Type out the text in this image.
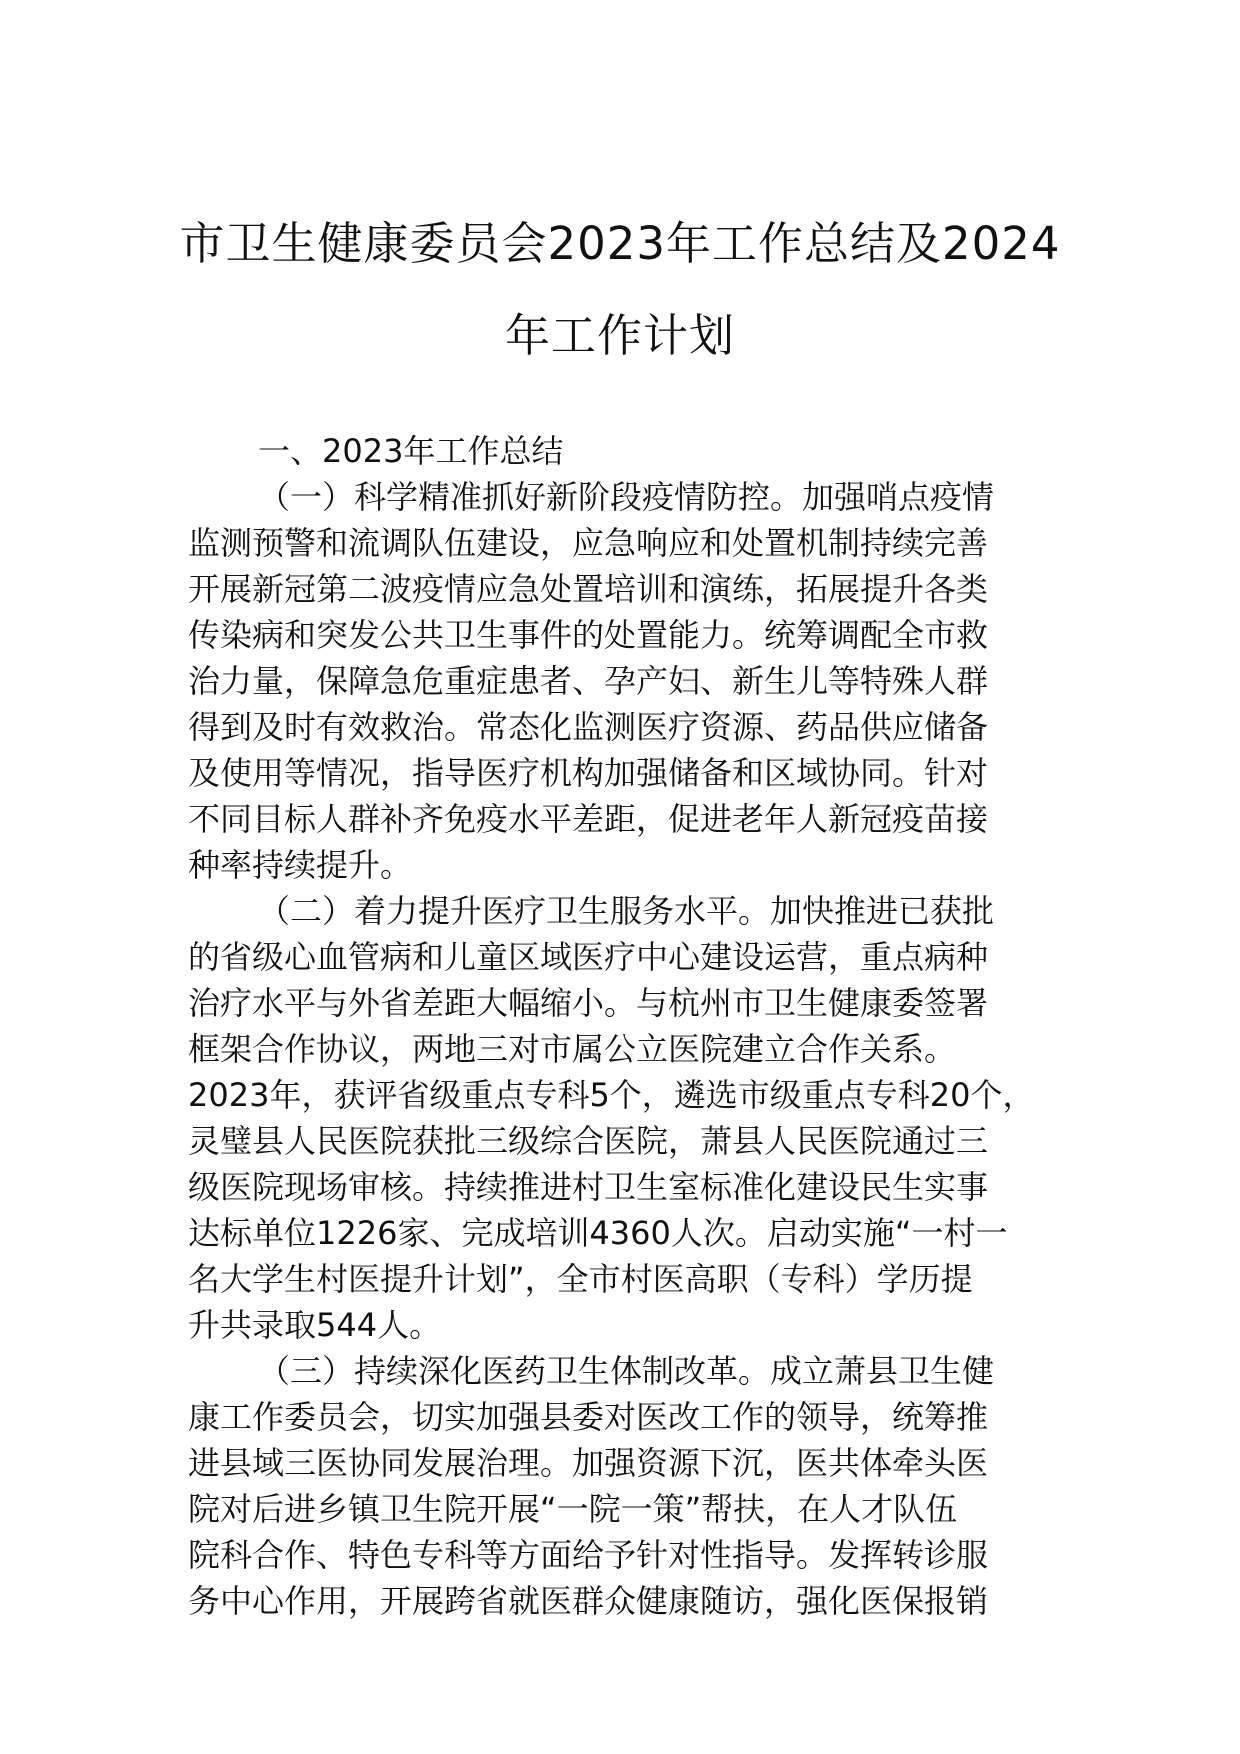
市卫生健康委员会2023年工作总结及2024
年工作计划
一、2023年工作总结
（一）科学精准抓好新阶段疫情防控。加强哨点疫情
监测预警和流调队伍建设，应急响应和处置机制持续完善
开展新冠第二波疫情应急处置培训和演练，拓展提升各类
传染病和突发公共卫生事件的处置能力。统筹调配全市救
治力量，保障急危重症患者、孕产妇、新生儿等特殊人群
得到及时有效救治。常态化监测医疗资源、药品供应储备
及使用等情况，指导医疗机构加强储备和区域协同。针对
不同目标人群补齐免疫水平差距，促进老年人新冠疫苗接
种率持续提升。
（二）着力提升医疗卫生服务水平。加快推进已获批
的省级心血管病和儿童区域医疗中心建设运营，重点病种
治疗水平与外省差距大幅缩小。与杭州市卫生健康委签署
框架合作协议，两地三对市属公立医院建立合作关系。
2023年，获评省级重点专科5个，遴选市级重点专科20个，
灵璧县人民医院获批三级综合医院，萧县人民医院通过三
级医院现场审核。持续推进村卫生室标准化建设民生实事
达标单位1226家、完成培训4360人次。启动实施“一村一
名大学生村医提升计划”，全市村医高职（专科）学历提
升共录取544人。
（三）持续深化医药卫生体制改革。成立萧县卫生健
康工作委员会，切实加强县委对医改工作的领导，统筹推
进县域三医协同发展治理。加强资源下沉，医共体牵头医
院对后进乡镇卫生院开展“一院一策”帮扶，在人才队伍
院科合作、特色专科等方面给予针对性指导。发挥转诊服
务中心作用，开展跨省就医群众健康随访，强化医保报销
